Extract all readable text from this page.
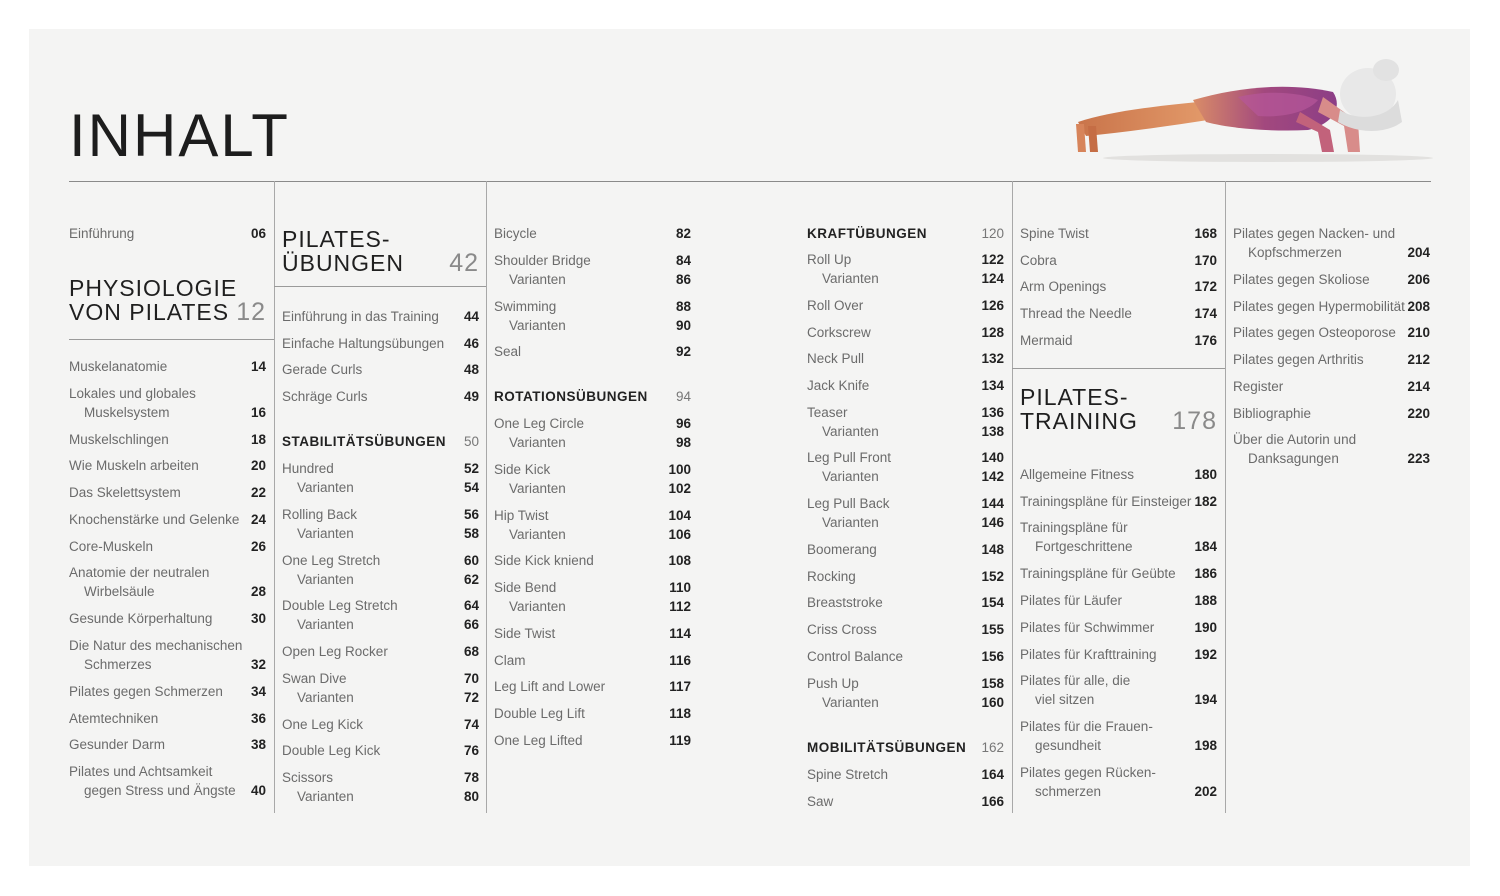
INHALT
Einführung	06
PHYSIOLOGIE
VON PILATES 12
Muskelanatomie	14
Lokales und globales
Muskelsystem	16
Muskelschlingen	18
Wie Muskeln arbeiten	20
Das Skelettsystem	22
Knochenstärke und Gelenke 24
Core-Muskeln	26
Anatomie der neutralen
Wirbelsäule	28
Gesunde Körperhaltung	30
Die Natur des mechanischen
Schmerzes	32
Pilates gegen Schmerzen	34
Atemtechniken	36
Gesunder Darm	38
Pilates und Achtsamkeit
gegen Stress und Ängste	40
PILATES-
ÜBUNGEN	42
Einführung in das Training	44
Einfache Haltungsübungen	46
Gerade Curls	48
Schräge Curls	49
STABILITÄTSÜBUNGEN 50
Hundred	52
Varianten	54
Rolling Back	56
Varianten	58
One Leg Stretch	60
Varianten	62
Double Leg Stretch	64
Varianten	66
Open Leg Rocker	68
Swan Dive	70
Varianten	72
One Leg Kick	74
Double Leg Kick	76
Scissors	78
Varianten	80
Bicycle	82
Shoulder Bridge	84
Varianten	86
Swimming	88
Varianten	90
Seal	92
ROTATIONSÜBUNGEN 94
One Leg Circle	96
Varianten	98
Side Kick	100
Varianten	102
Hip Twist	104
Varianten	106
Side Kick kniend	108
Side Bend	110
Varianten	112
Side Twist	114
Clam	116
Leg Lift and Lower	117
Double Leg Lift	118
One Leg Lifted	119
KRAFTÜBUNGEN	120
Roll Up	122
Varianten	124
Roll Over	126
Corkscrew	128
Neck Pull	132
Jack Knife	134
Teaser	136
Varianten	138
Leg Pull Front	140
Varianten	142
Leg Pull Back	144
Varianten	146
Boomerang	148
Rocking	152
Breaststroke	154
Criss Cross	155
Control Balance	156
Push Up	158
Varianten	160
MOBILITÄTSÜBUNGEN 162
Spine Stretch	164
Saw	166
Spine Twist	168
Cobra	170
Arm Openings	172
Thread the Needle	174
Mermaid	176
PILATES-
TRAINING	178
Allgemeine Fitness	180
Trainingspläne für Einsteiger 182
Trainingspläne für
Fortgeschrittene	184
Trainingspläne für Geübte	186
Pilates für Läufer	188
Pilates für Schwimmer	190
Pilates für Krafttraining	192
Pilates für alle, die
viel sitzen	194
Pilates für die Frauen-
gesundheit	198
Pilates gegen Rücken-
schmerzen	202
Pilates gegen Nacken- und
Kopfschmerzen	204
Pilates gegen Skoliose	206
Pilates gegen Hypermobilität 208
Pilates gegen Osteoporose 210
Pilates gegen Arthritis	212
Register	214
Bibliographie	220
Über die Autorin und
Danksagungen	223
